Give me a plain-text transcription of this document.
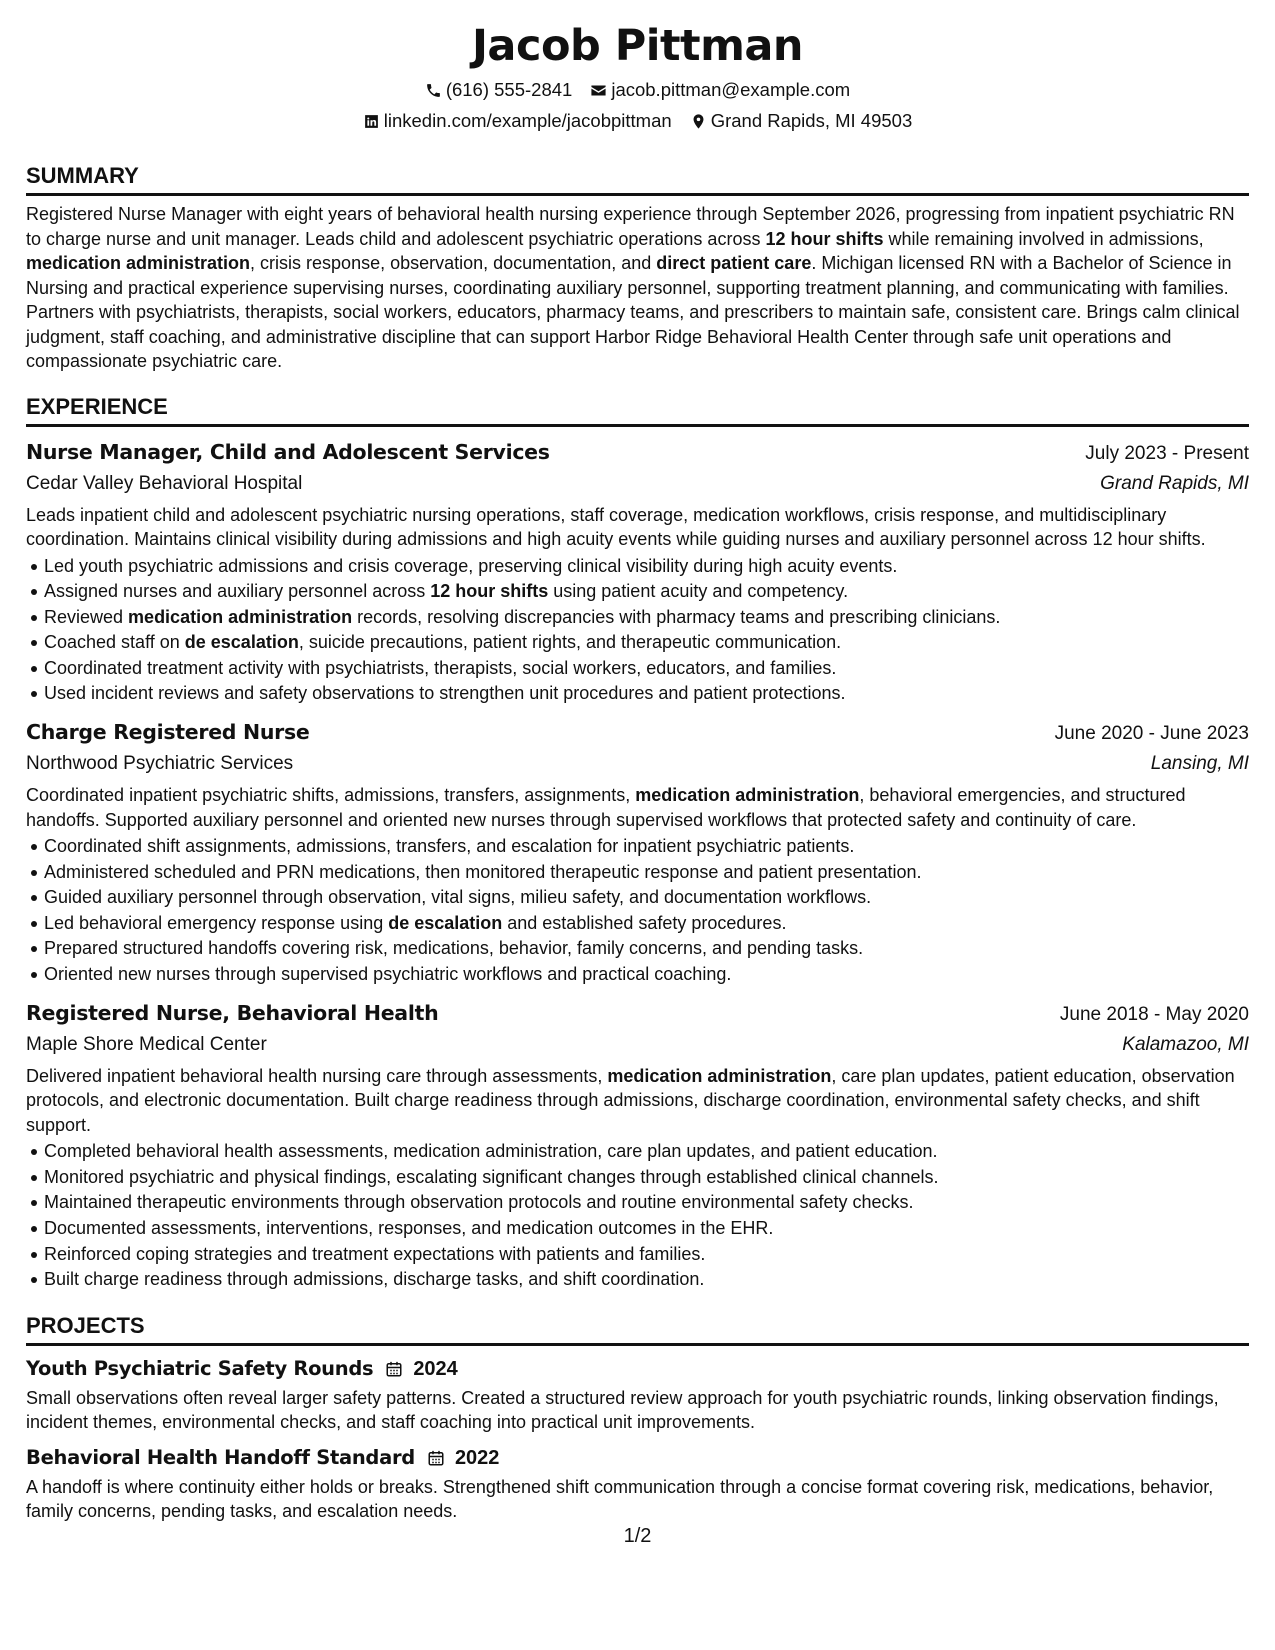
Jacob Pittman
(616) 555-2841 jacob.pittman@example.com
linkedin.com/example/jacobpittman Grand Rapids, MI 49503
SUMMARY

Registered Nurse Manager with eight years of behavioral health nursing experience through September 2026, progressing from inpatient psychiatric RN to charge nurse and unit manager. Leads child and adolescent psychiatric operations across 12 hour shifts while remaining involved in admissions, medication administration, crisis response, observation, documentation, and direct patient care. Michigan licensed RN with a Bachelor of Science in Nursing and practical experience supervising nurses, coordinating auxiliary personnel, supporting treatment planning, and communicating with families. Partners with psychiatrists, therapists, social workers, educators, pharmacy teams, and prescribers to maintain safe, consistent care. Brings calm clinical judgment, staff coaching, and administrative discipline that can support Harbor Ridge Behavioral Health Center through safe unit operations and compassionate psychiatric care.

EXPERIENCE
Nurse Manager, Child and Adolescent Services	July 2023 - Present
Cedar Valley Behavioral Hospital	Grand Rapids, MI

Leads inpatient child and adolescent psychiatric nursing operations, staff coverage, medication workflows, crisis response, and multidisciplinary coordination. Maintains clinical visibility during admissions and high acuity events while guiding nurses and auxiliary personnel across 12 hour shifts.

Led youth psychiatric admissions and crisis coverage, preserving clinical visibility during high acuity events.
Assigned nurses and auxiliary personnel across 12 hour shifts using patient acuity and competency.
Reviewed medication administration records, resolving discrepancies with pharmacy teams and prescribing clinicians.
Coached staff on de escalation, suicide precautions, patient rights, and therapeutic communication.
Coordinated treatment activity with psychiatrists, therapists, social workers, educators, and families.
Used incident reviews and safety observations to strengthen unit procedures and patient protections.
Charge Registered Nurse	June 2020 - June 2023
Northwood Psychiatric Services	Lansing, MI

Coordinated inpatient psychiatric shifts, admissions, transfers, assignments, medication administration, behavioral emergencies, and structured handoffs. Supported auxiliary personnel and oriented new nurses through supervised workflows that protected safety and continuity of care.

Coordinated shift assignments, admissions, transfers, and escalation for inpatient psychiatric patients.
Administered scheduled and PRN medications, then monitored therapeutic response and patient presentation.
Guided auxiliary personnel through observation, vital signs, milieu safety, and documentation workflows.
Led behavioral emergency response using de escalation and established safety procedures.
Prepared structured handoffs covering risk, medications, behavior, family concerns, and pending tasks.
Oriented new nurses through supervised psychiatric workflows and practical coaching.
Registered Nurse, Behavioral Health	June 2018 - May 2020
Maple Shore Medical Center	Kalamazoo, MI

Delivered inpatient behavioral health nursing care through assessments, medication administration, care plan updates, patient education, observation protocols, and electronic documentation. Built charge readiness through admissions, discharge coordination, environmental safety checks, and shift support.

Completed behavioral health assessments, medication administration, care plan updates, and patient education.
Monitored psychiatric and physical findings, escalating significant changes through established clinical channels.
Maintained therapeutic environments through observation protocols and routine environmental safety checks.
Documented assessments, interventions, responses, and medication outcomes in the EHR.
Reinforced coping strategies and treatment expectations with patients and families.
Built charge readiness through admissions, discharge tasks, and shift coordination.
PROJECTS
Youth Psychiatric Safety Rounds 2024

Small observations often reveal larger safety patterns. Created a structured review approach for youth psychiatric rounds, linking observation findings, incident themes, environmental checks, and staff coaching into practical unit improvements.

Behavioral Health Handoff Standard 2022

A handoff is where continuity either holds or breaks. Strengthened shift communication through a concise format covering risk, medications, behavior, family concerns, pending tasks, and escalation needs.

1/2
